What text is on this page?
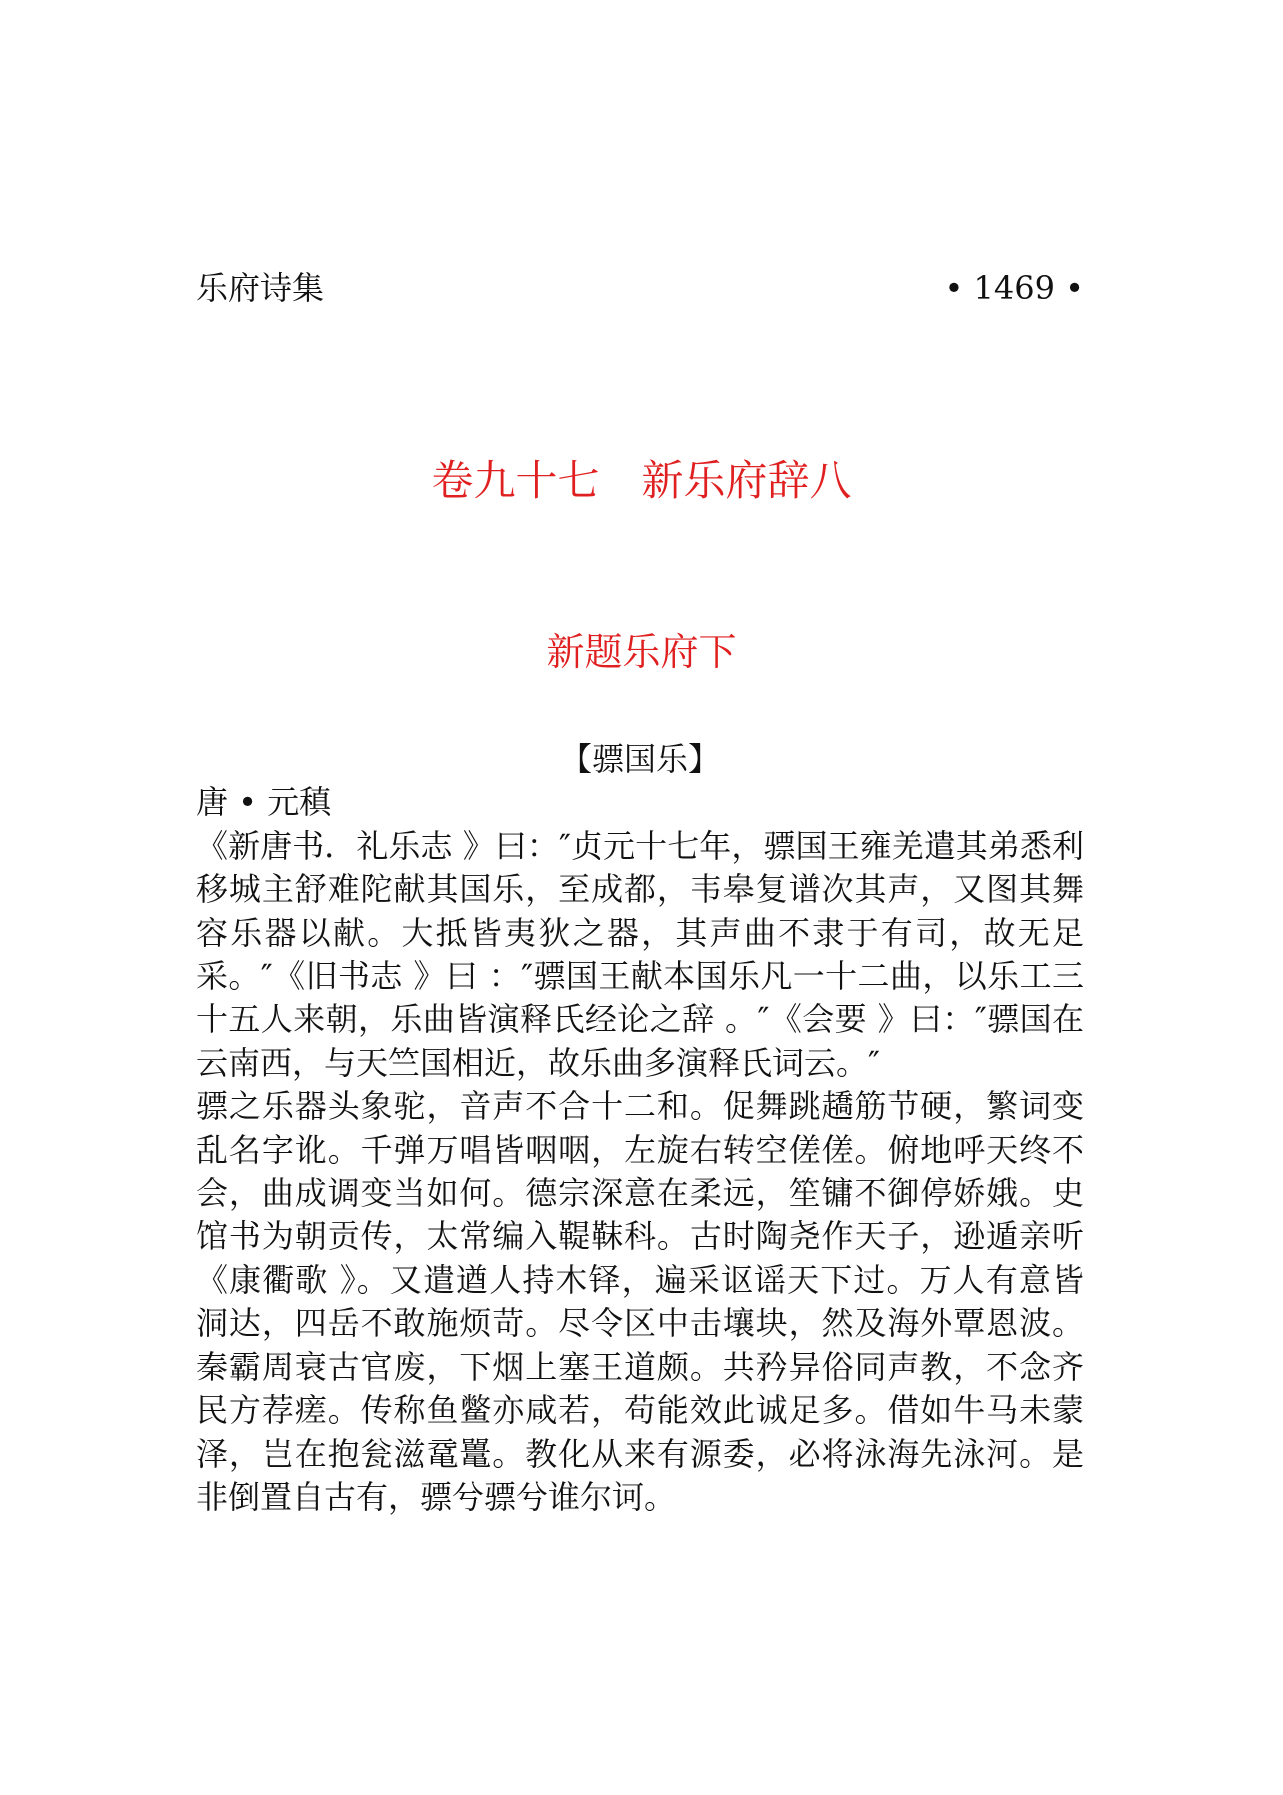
乐府诗集	• 1469 •
卷九十七 新乐府辞八
新题乐府下
【骠国乐】
唐 • 元稹

《新唐书．礼乐志 》曰：″贞元十七年，骠国王雍羌遣其弟悉利移城主舒难陀献其国乐，至成都，韦皋复谱次其声，又图其舞容乐器以献。大抵皆夷狄之器，其声曲不隶于有司，故无足采。″《旧书志 》曰 ：″骠国王献本国乐凡一十二曲，以乐工三十五人来朝，乐曲皆演释氏经论之辞 。″《会要 》曰：″骠国在云南西，与天竺国相近，故乐曲多演释氏词云。″

骠之乐器头象驼，音声不合十二和。促舞跳趫筋节硬，繁词变乱名字讹。千弹万唱皆咽咽，左旋右转空傞傞。俯地呼天终不会，曲成调变当如何。德宗深意在柔远，笙镛不御停娇娥。史馆书为朝贡传，太常编入鞮靺科。古时陶尧作天子，逊遁亲听《康衢歌 》。又遣遒人持木铎，遍采讴谣天下过。万人有意皆洞达，四岳不敢施烦苛。尽令区中击壤块，然及海外覃恩波。秦霸周衰古官废，下烟上塞王道颇。共矜异俗同声教，不念齐民方荐瘥。传称鱼鳖亦咸若，苟能效此诚足多。借如牛马未蒙泽，岂在抱瓮滋鼋鼍。教化从来有源委，必将泳海先泳河。是非倒置自古有，骠兮骠兮谁尔诃。
